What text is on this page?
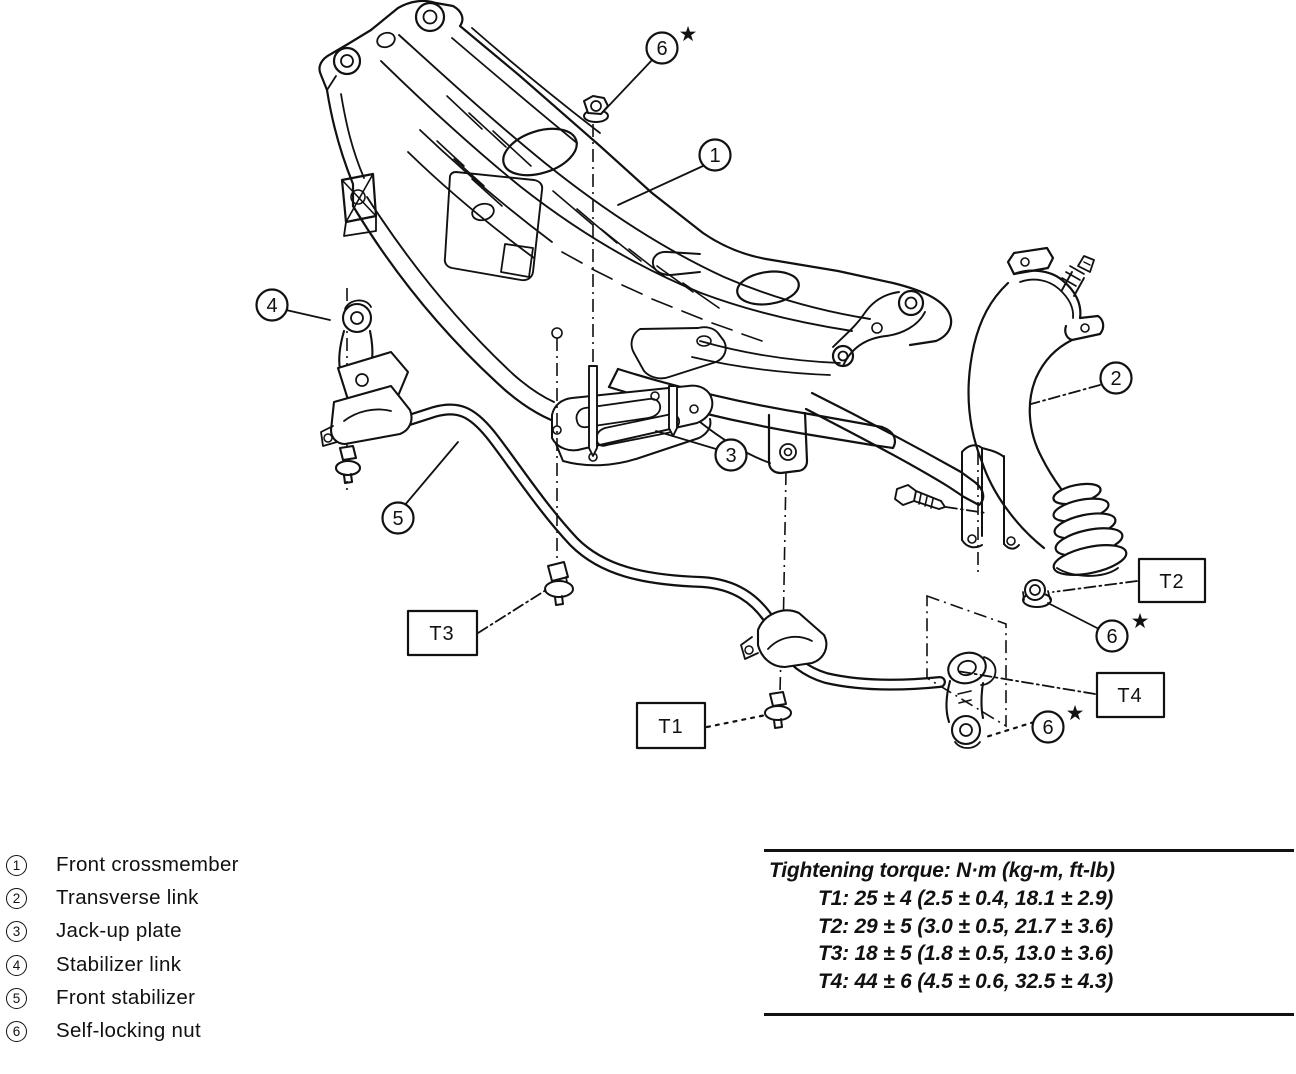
T3
T1
T2
T4
6
★
1
2
3
4
5
6
★
6
★
1	Front crossmember
2	Transverse link
3	Jack-up plate
4	Stabilizer link
5	Front stabilizer
6	Self-locking nut
Tightening torque: N·m (kg-m, ft-lb)
T1: 25 ± 4 (2.5 ± 0.4, 18.1 ± 2.9)
T2: 29 ± 5 (3.0 ± 0.5, 21.7 ± 3.6)
T3: 18 ± 5 (1.8 ± 0.5, 13.0 ± 3.6)
T4: 44 ± 6 (4.5 ± 0.6, 32.5 ± 4.3)
